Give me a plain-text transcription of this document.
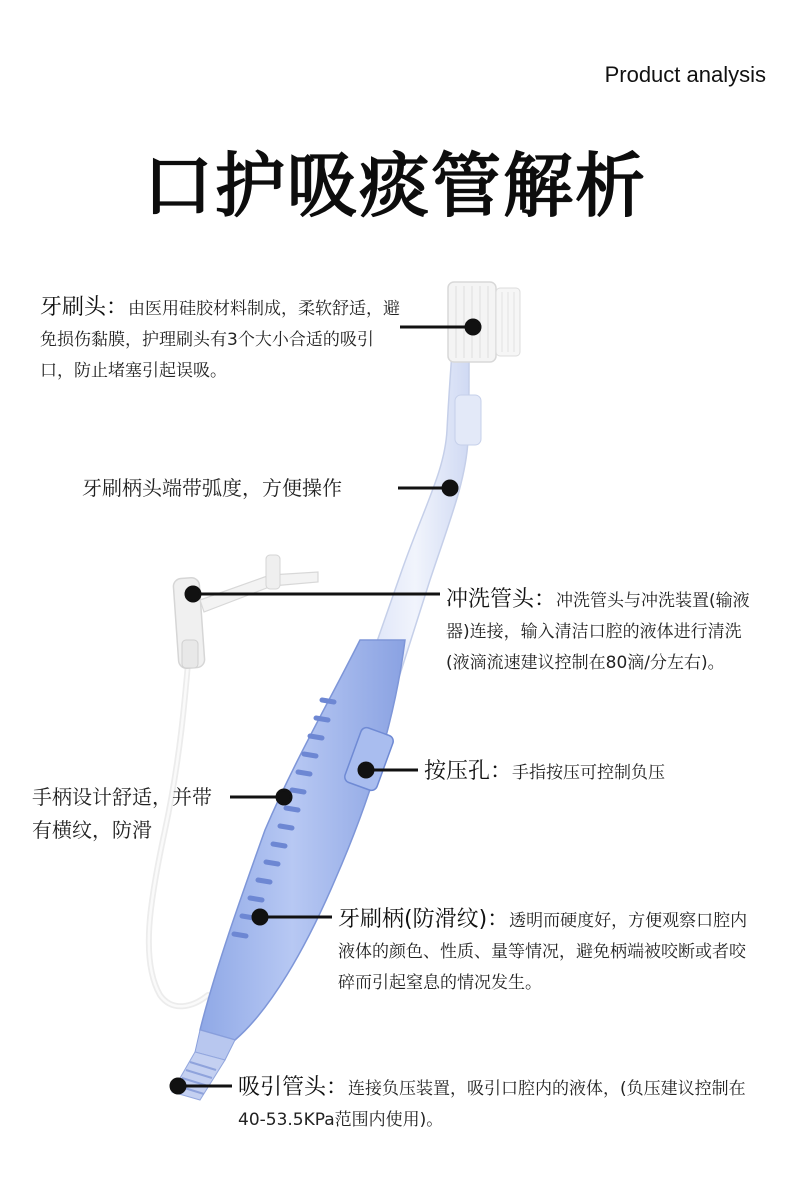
Product analysis
口护吸痰管解析
牙刷头：由医用硅胶材料制成，柔软舒适，避免损伤黏膜，护理刷头有3个大小合适的吸引口，防止堵塞引起误吸。
牙刷柄头端带弧度，方便操作
冲洗管头：冲洗管头与冲洗装置(输液器)连接，输入清洁口腔的液体进行清洗(液滴流速建议控制在80滴/分左右)。
按压孔：手指按压可控制负压
手柄设计舒适，并带有横纹，防滑
牙刷柄(防滑纹)：透明而硬度好，方便观察口腔内液体的颜色、性质、量等情况，避免柄端被咬断或者咬碎而引起窒息的情况发生。
吸引管头：连接负压装置，吸引口腔内的液体，(负压建议控制在40-53.5KPa范围内使用)。
